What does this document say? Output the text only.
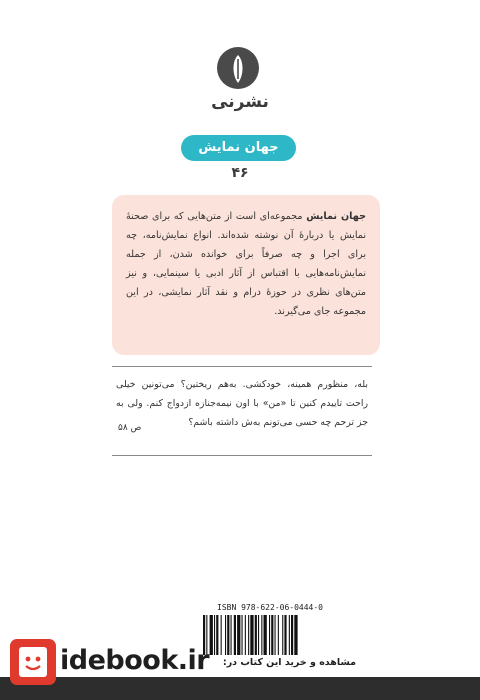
نشرنی
جهان نمایش
۴۶
جهان نمایش مجموعه‌ای است از متن‌هایی که برای صحنهٔ نمایش یا دربارهٔ آن نوشته شده‌اند. انواع نمایش‌نامه، چه برای اجرا و چه صرفاً برای خوانده شدن، از جمله نمایش‌نامه‌هایی با اقتباس از آثار ادبی یا سینمایی، و نیز متن‌های نظری در حوزهٔ درام و نقد آثار نمایشی، در این مجموعه جای می‌گیرند.
بله، منظورم همینه، خودکشی. به‌هم ریختین؟ می‌تونین خیلی راحت تاییدم کنین تا «من» با اون نیمه‌جنازه ازدواج کنم. ولی به جز ترحم چه حسی می‌تونم به‌ش داشته باشم؟
ص ۵۸
ISBN 978-622-06-0444-0
idebook.ir	مشاهده و خرید این کتاب در:
